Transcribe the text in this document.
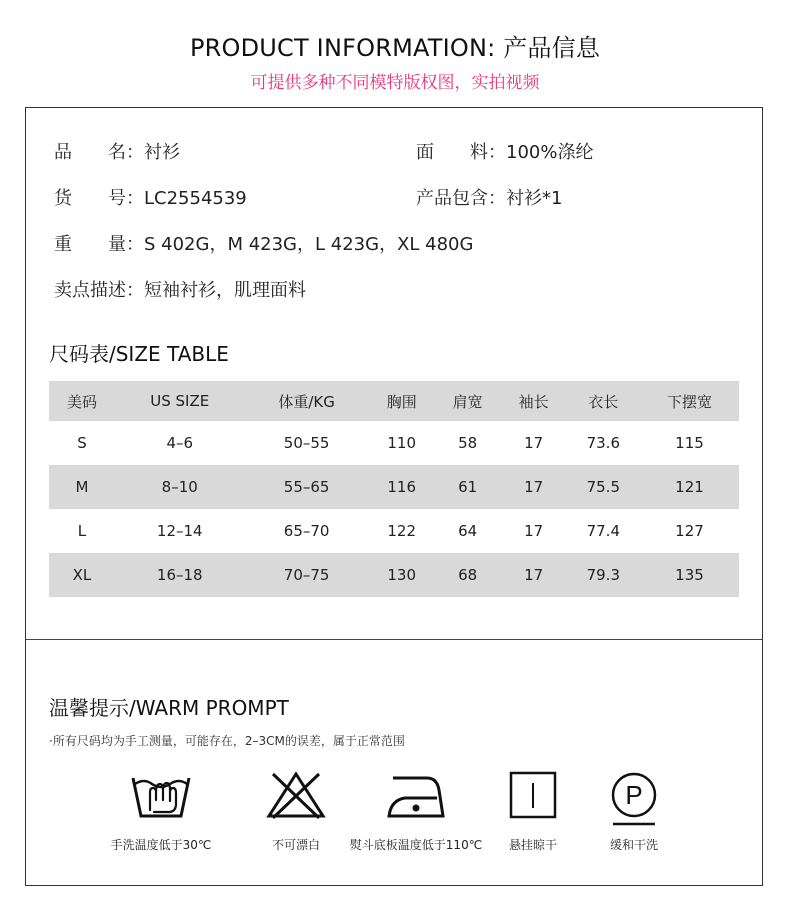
PRODUCT INFORMATION: 产品信息
可提供多种不同模特版权图，实拍视频
品　　名：衬衫	面　　料：100%涤纶
货　　号：LC2554539	产品包含：衬衫*1
重　　量：S 402G，M 423G，L 423G，XL 480G
卖点描述：短袖衬衫，肌理面料
尺码表/SIZE TABLE
美码	US SIZE	体重/KG	胸围	肩宽	袖长	衣长	下摆宽
S	4–6	50–55	110	58	17	73.6	115
M	8–10	55–65	116	61	17	75.5	121
L	12–14	65–70	122	64	17	77.4	127
XL	16–18	70–75	130	68	17	79.3	135
温馨提示/WARM PROMPT
·所有尺码均为手工测量，可能存在，2–3CM的误差，属于正常范围
手洗温度低于30℃	不可漂白	熨斗底板温度低于110℃	悬挂晾干
P
缓和干洗
